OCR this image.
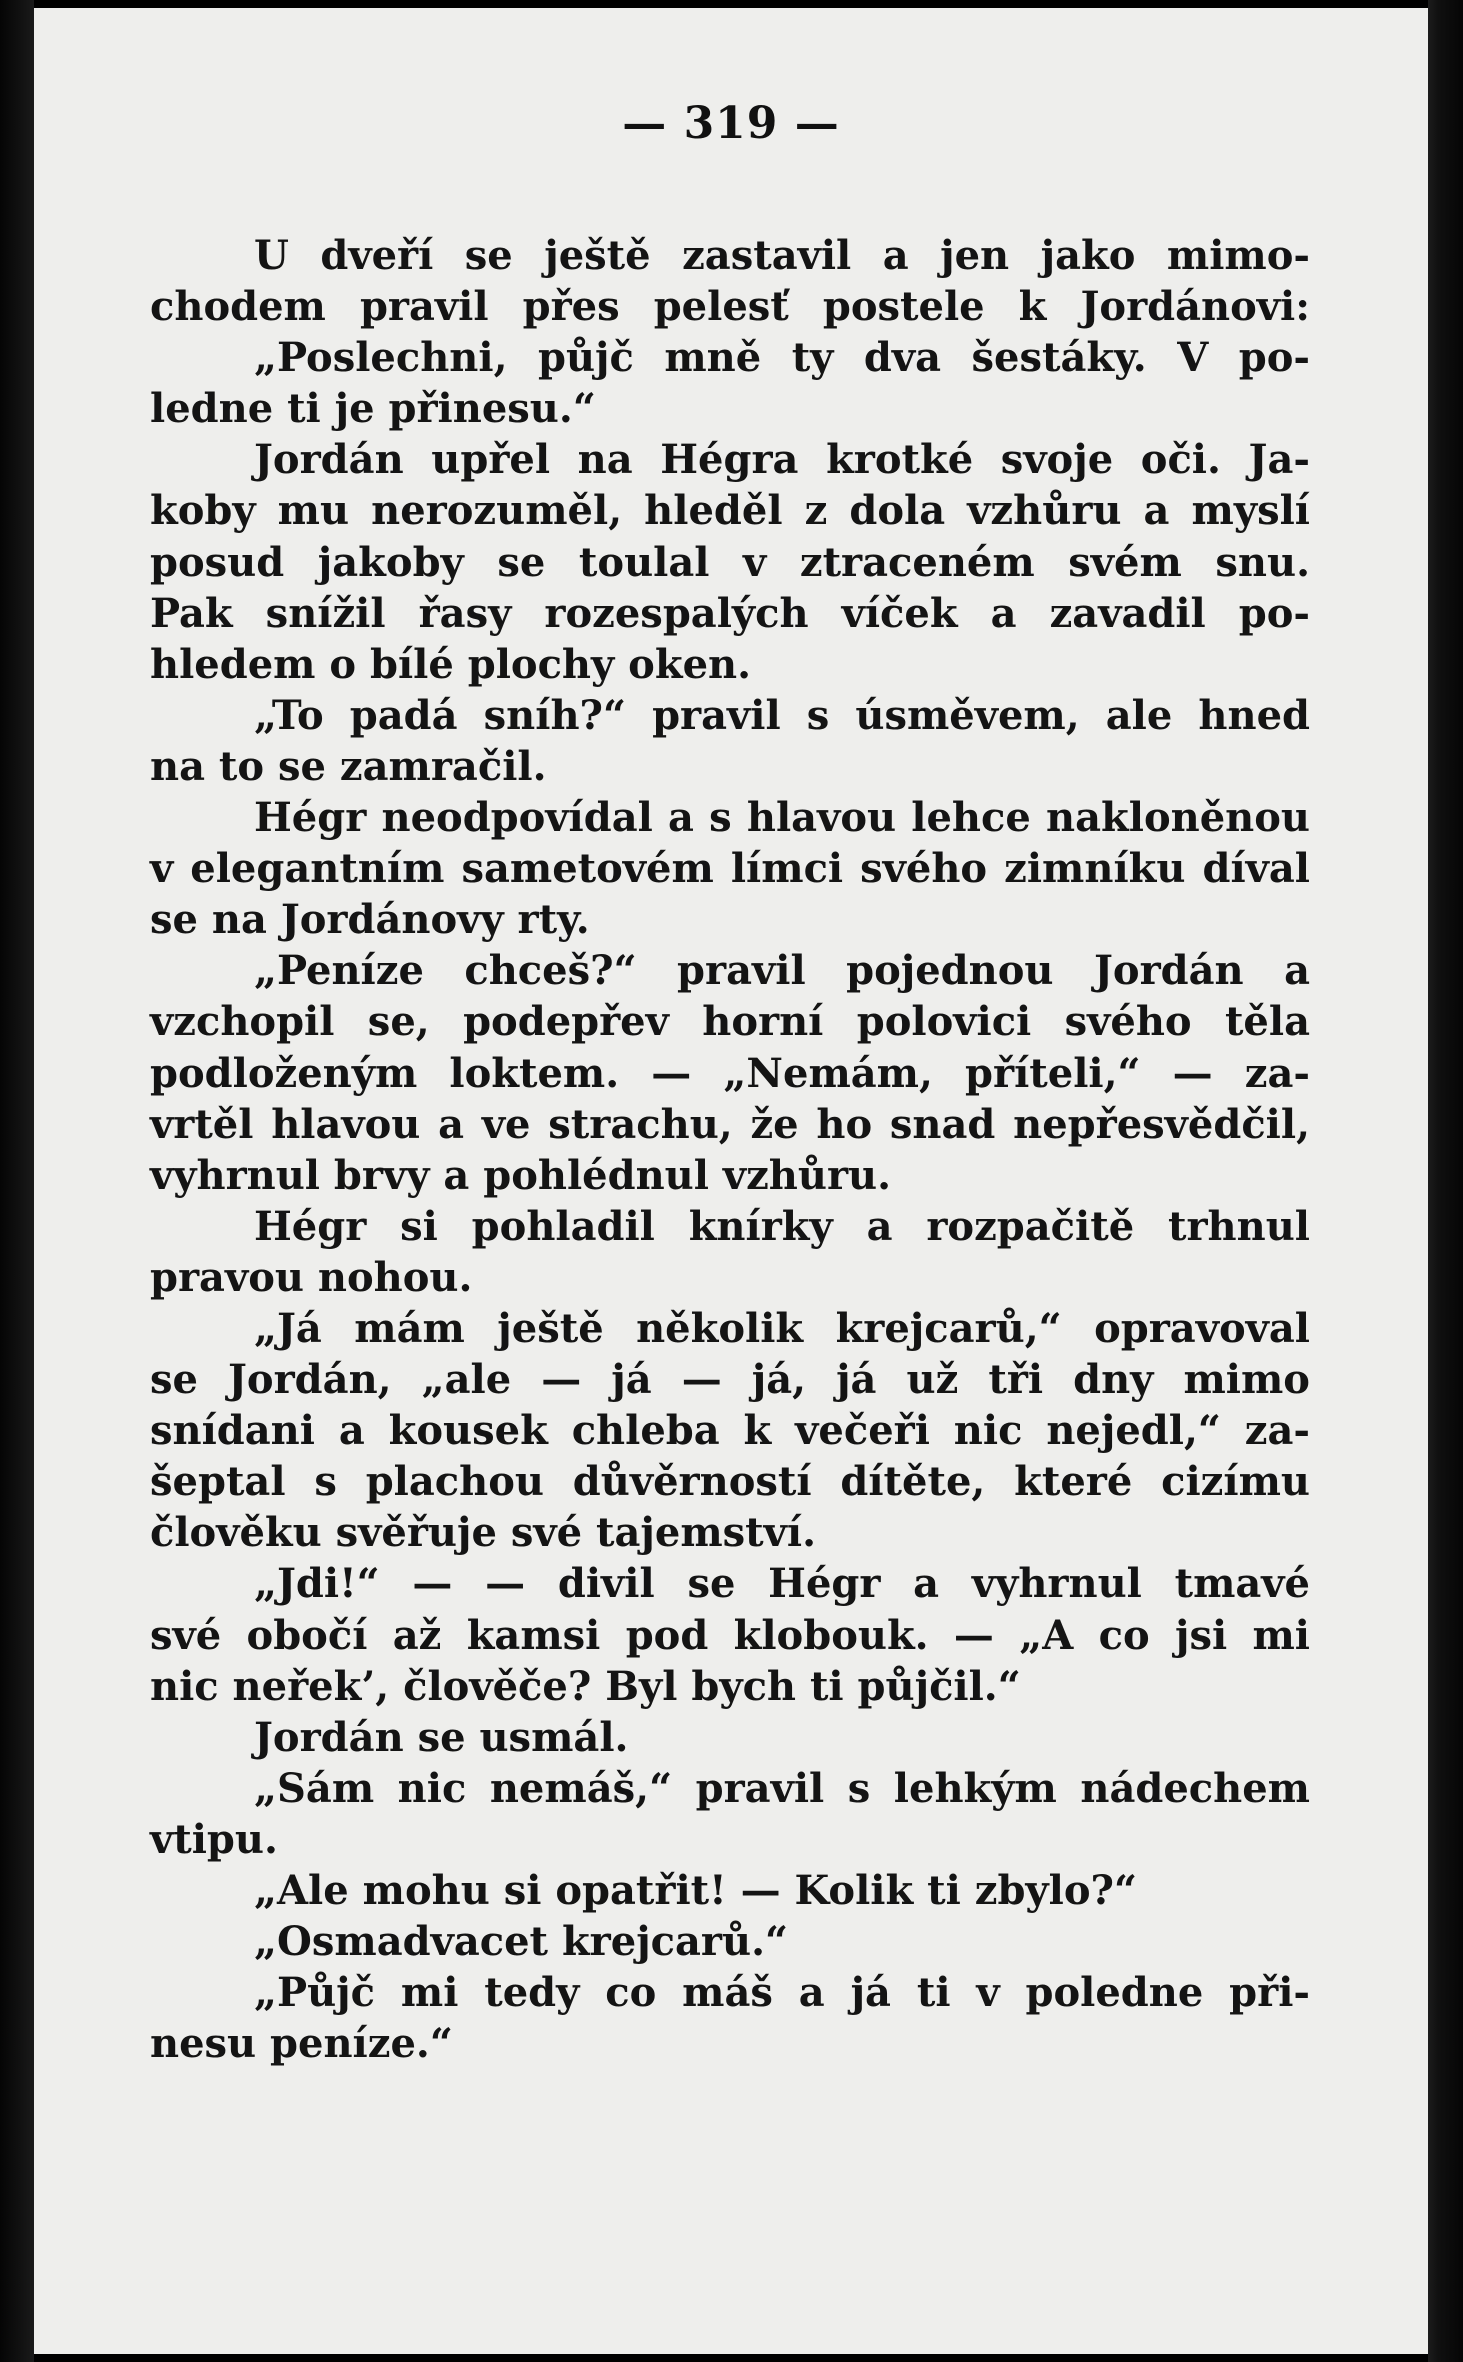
— 319 —
U dveří se ještě zastavil a jen jako mimo-
chodem pravil přes pelesť postele k Jordánovi:
„Poslechni, půjč mně ty dva šestáky. V po-
ledne ti je přinesu.“
Jordán upřel na Hégra krotké svoje oči. Ja-
koby mu nerozuměl, hleděl z dola vzhůru a myslí
posud jakoby se toulal v ztraceném svém snu.
Pak snížil řasy rozespalých víček a zavadil po-
hledem o bílé plochy oken.
„To padá sníh?“ pravil s úsměvem, ale hned
na to se zamračil.
Hégr neodpovídal a s hlavou lehce nakloněnou
v elegantním sametovém límci svého zimníku díval
se na Jordánovy rty.
„Peníze chceš?“ pravil pojednou Jordán a
vzchopil se, podepřev horní polovici svého těla
podloženým loktem. — „Nemám, příteli,“ — za-
vrtěl hlavou a ve strachu, že ho snad nepřesvědčil,
vyhrnul brvy a pohlédnul vzhůru.
Hégr si pohladil knírky a rozpačitě trhnul
pravou nohou.
„Já mám ještě několik krejcarů,“ opravoval
se Jordán, „ale — já — já, já už tři dny mimo
snídani a kousek chleba k večeři nic nejedl,“ za-
šeptal s plachou důvěrností dítěte, které cizímu
člověku svěřuje své tajemství.
„Jdi!“ — — divil se Hégr a vyhrnul tmavé
své obočí až kamsi pod klobouk. — „A co jsi mi
nic neřek’, člověče? Byl bych ti půjčil.“
Jordán se usmál.
„Sám nic nemáš,“ pravil s lehkým nádechem
vtipu.
„Ale mohu si opatřit! — Kolik ti zbylo?“
„Osmadvacet krejcarů.“
„Půjč mi tedy co máš a já ti v poledne při-
nesu peníze.“
